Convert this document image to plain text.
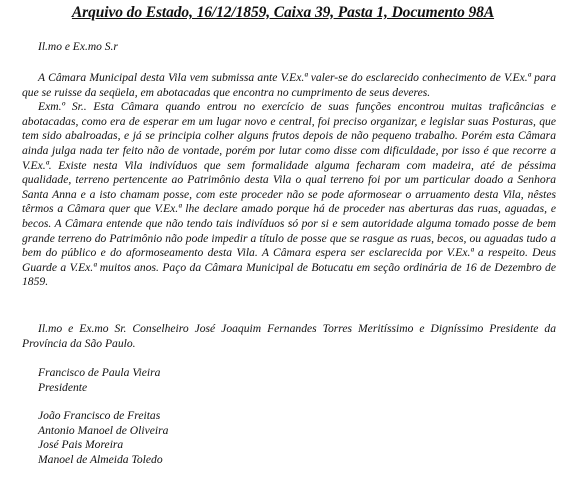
Arquivo do Estado, 16/12/1859, Caixa 39, Pasta 1, Documento 98A
Il.mo e Ex.mo S.r

A Câmara Municipal desta Vila vem submissa ante V.Ex.ª valer-se do esclarecido conhecimento de V.Ex.ª para que se ruisse da seqüela, em abotacadas que encontra no cumprimento de seus deveres.

Exm.º Sr.. Esta Câmara quando entrou no exercício de suas funções encontrou muitas traficâncias e abotacadas, como era de esperar em um lugar novo e central, foi preciso organizar, e legislar suas Posturas, que tem sido abalroadas, e já se principia colher alguns frutos depois de não pequeno trabalho. Porém esta Câmara ainda julga nada ter feito não de vontade, porém por lutar como disse com dificuldade, por isso é que recorre a V.Ex.ª. Existe nesta Vila indivíduos que sem formalidade alguma fecharam com madeira, até de péssima qualidade, terreno pertencente ao Patrimônio desta Vila o qual terreno foi por um particular doado a Senhora Santa Anna e a isto chamam posse, com este proceder não se pode aformosear o arruamento desta Vila, nêstes têrmos a Câmara quer que V.Ex.ª lhe declare amado porque há de proceder nas aberturas das ruas, aguadas, e becos. A Câmara entende que não tendo tais indivíduos só por si e sem autoridade alguma tomado posse de bem grande terreno do Patrimônio não pode impedir a título de posse que se rasgue as ruas, becos, ou aguadas tudo a bem do público e do aformoseamento desta Vila. A Câmara espera ser esclarecida por V.Ex.ª a respeito. Deus Guarde a V.Ex.ª muitos anos. Paço da Câmara Municipal de Botucatu em seção ordinária de 16 de Dezembro de 1859.

Il.mo e Ex.mo Sr. Conselheiro José Joaquim Fernandes Torres Meritíssimo e Digníssimo Presidente da Província da São Paulo.
Francisco de Paula Vieira
Presidente
João Francisco de Freitas
Antonio Manoel de Oliveira
José Pais Moreira
Manoel de Almeida Toledo
